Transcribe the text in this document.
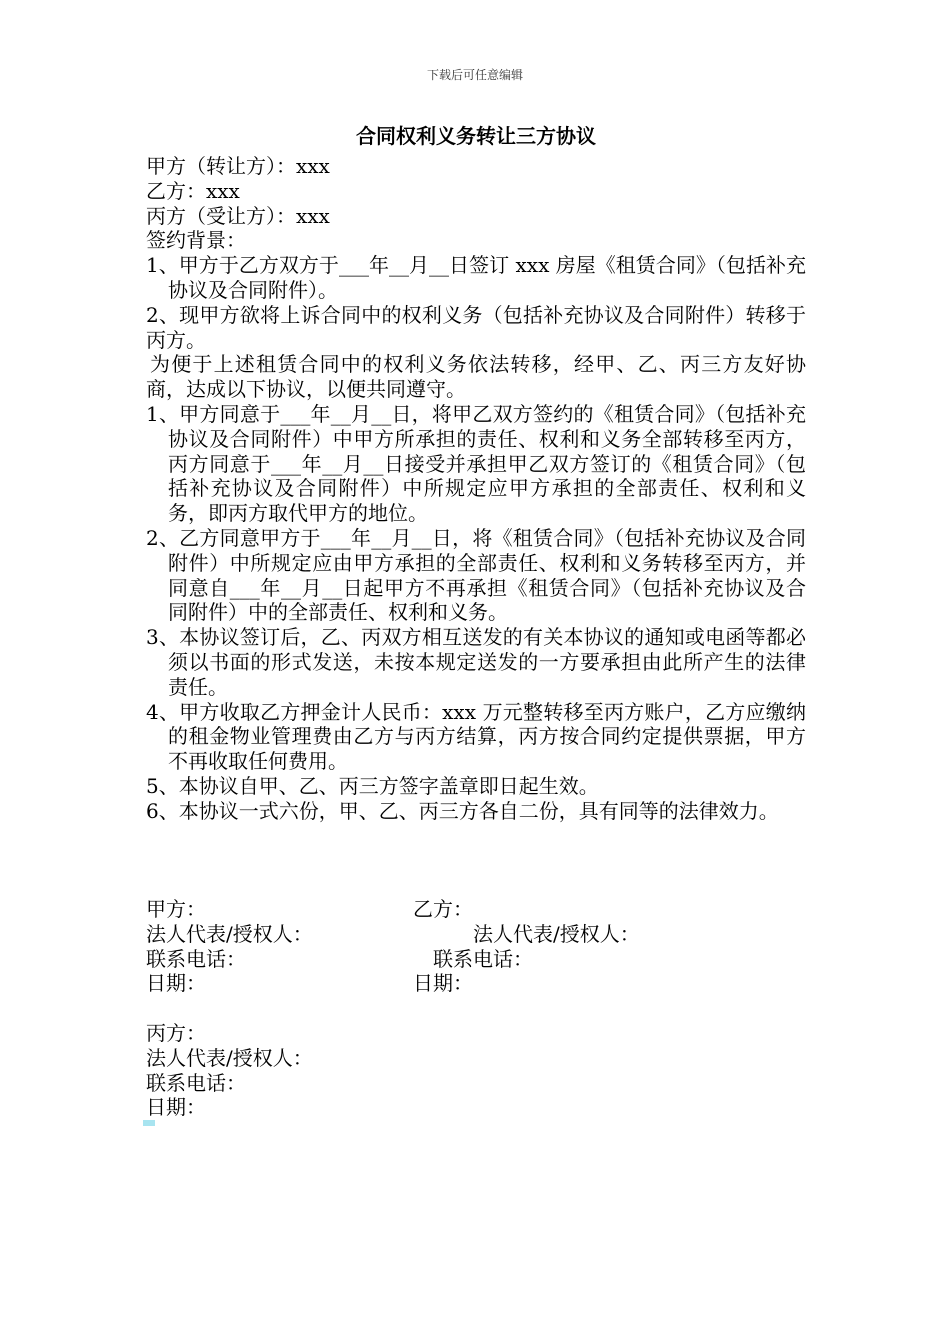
下载后可任意编辑
合同权利义务转让三方协议
甲方（转让方）：xxx
乙方：xxx
丙方（受让方）：xxx
签约背景：
1、甲方于乙方双方于___年__月__日签订 xxx 房屋《租赁合同》（包括补充协议及合同附件）。
2、现甲方欲将上诉合同中的权利义务（包括补充协议及合同附件）转移于丙方。
为便于上述租赁合同中的权利义务依法转移，经甲、乙、丙三方友好协商，达成以下协议，以便共同遵守。
1、甲方同意于___年__月__日，将甲乙双方签约的《租赁合同》（包括补充协议及合同附件）中甲方所承担的责任、权利和义务全部转移至丙方，丙方同意于___年__月__日接受并承担甲乙双方签订的《租赁合同》（包括补充协议及合同附件）中所规定应甲方承担的全部责任、权利和义务，即丙方取代甲方的地位。
2、乙方同意甲方于___年__月__日，将《租赁合同》（包括补充协议及合同附件）中所规定应由甲方承担的全部责任、权利和义务转移至丙方，并同意自___年__月__日起甲方不再承担《租赁合同》（包括补充协议及合同附件）中的全部责任、权利和义务。
3、本协议签订后，乙、丙双方相互送发的有关本协议的通知或电函等都必须以书面的形式发送，未按本规定送发的一方要承担由此所产生的法律责任。
4、甲方收取乙方押金计人民币：xxx 万元整转移至丙方账户，乙方应缴纳的租金物业管理费由乙方与丙方结算，丙方按合同约定提供票据，甲方不再收取任何费用。
5、本协议自甲、乙、丙三方签字盖章即日起生效。
6、本协议一式六份，甲、乙、丙三方各自二份，具有同等的法律效力。
甲方：	乙方：
法人代表/授权人：	法人代表/授权人：
联系电话：	联系电话：
日期：	日期：
丙方：
法人代表/授权人：
联系电话：
日期：
